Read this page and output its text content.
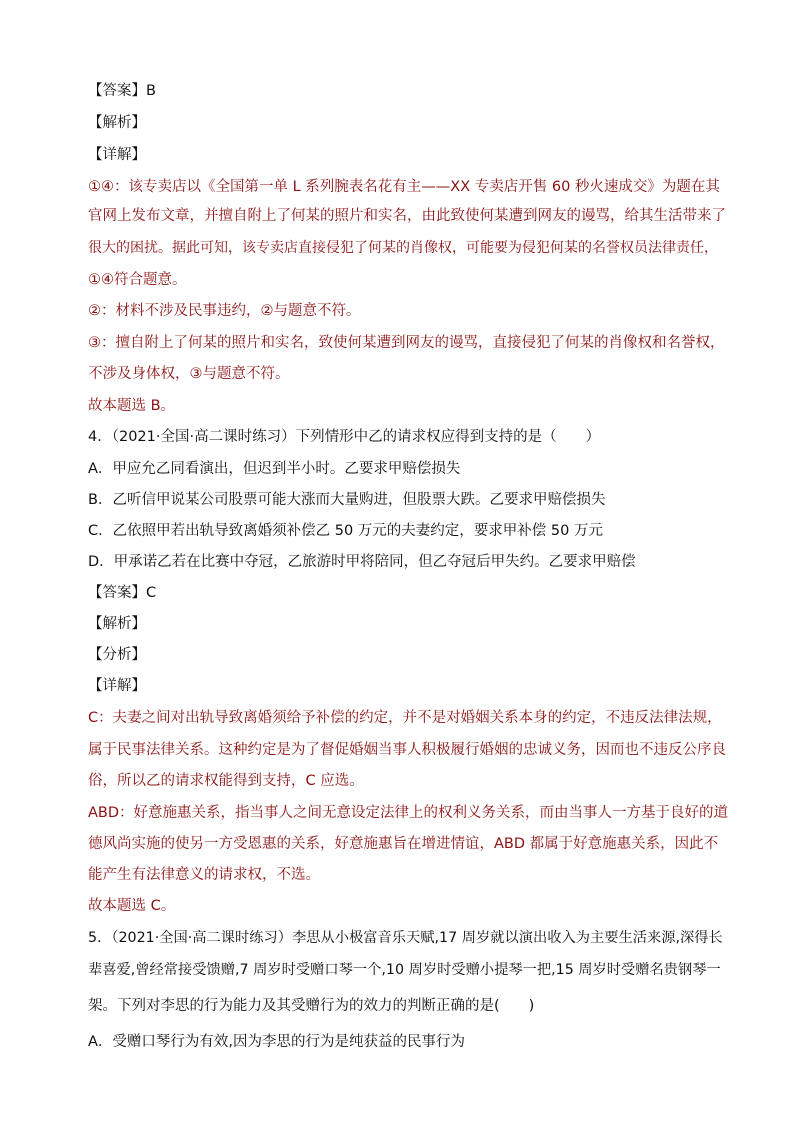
【答案】B
【解析】
【详解】
①④：该专卖店以《全国第一单 L 系列腕表名花有主——XX 专卖店开售 60 秒火速成交》为题在其
官网上发布文章，并擅自附上了何某的照片和实名，由此致使何某遭到网友的谩骂，给其生活带来了
很大的困扰。据此可知，该专卖店直接侵犯了何某的肖像权，可能要为侵犯何某的名誉权员法律责任，
①④符合题意。
②：材料不涉及民事违约，②与题意不符。
③：擅自附上了何某的照片和实名，致使何某遭到网友的谩骂，直接侵犯了何某的肖像权和名誉权，
不涉及身体权，③与题意不符。
故本题选 B。
4．（2021·全国·高二课时练习）下列情形中乙的请求权应得到支持的是（　　）
A．甲应允乙同看演出，但迟到半小时。乙要求甲赔偿损失
B．乙听信甲说某公司股票可能大涨而大量购进，但股票大跌。乙要求甲赔偿损失
C．乙依照甲若出轨导致离婚须补偿乙 50 万元的夫妻约定，要求甲补偿 50 万元
D．甲承诺乙若在比赛中夺冠，乙旅游时甲将陪同，但乙夺冠后甲失约。乙要求甲赔偿
【答案】C
【解析】
【分析】
【详解】
C：夫妻之间对出轨导致离婚须给予补偿的约定，并不是对婚姻关系本身的约定，不违反法律法规，
属于民事法律关系。这种约定是为了督促婚姻当事人积极履行婚姻的忠诚义务，因而也不违反公序良
俗，所以乙的请求权能得到支持，C 应选。
ABD：好意施惠关系，指当事人之间无意设定法律上的权利义务关系，而由当事人一方基于良好的道
德风尚实施的使另一方受恩惠的关系，好意施惠旨在增进情谊，ABD 都属于好意施惠关系，因此不
能产生有法律意义的请求权，不选。
故本题选 C。
5．（2021·全国·高二课时练习）李思从小极富音乐天赋,17 周岁就以演出收入为主要生活来源,深得长
辈喜爱,曾经常接受馈赠,7 周岁时受赠口琴一个,10 周岁时受赠小提琴一把,15 周岁时受赠名贵钢琴一
架。下列对李思的行为能力及其受赠行为的效力的判断正确的是(　　)
A．受赠口琴行为有效,因为李思的行为是纯获益的民事行为
